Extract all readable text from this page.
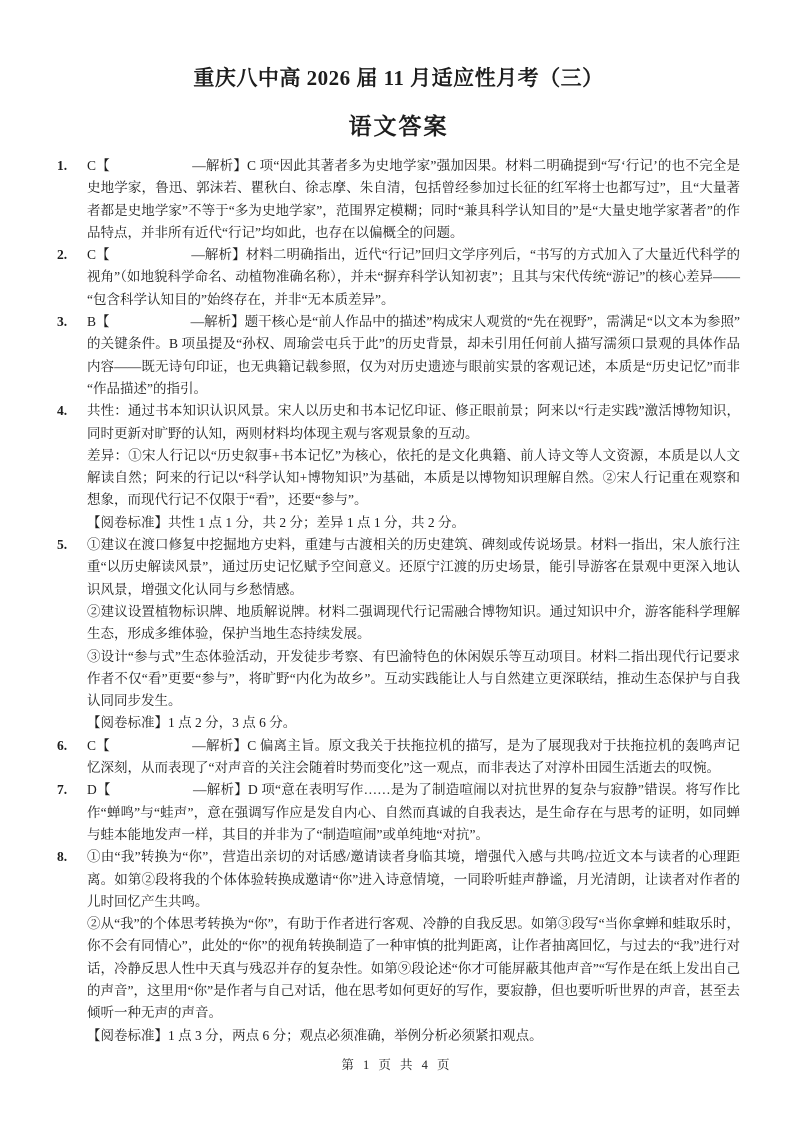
重庆八中高 2026 届 11 月适应性月考（三）
语文答案
1.	C【　　　　　　—解析】C 项“因此其著者多为史地学家”强加因果。材料二明确提到“写‘行记’的也不完全是史地学家，鲁迅、郭沫若、瞿秋白、徐志摩、朱自清，包括曾经参加过长征的红军将士也都写过”，且“大量著者都是史地学家”不等于“多为史地学家”，范围界定模糊；同时“兼具科学认知目的”是“大量史地学家著者”的作品特点，并非所有近代“行记”均如此，也存在以偏概全的问题。

2.	C【　　　　　　—解析】材料二明确指出，近代“行记”回归文学序列后，“书写的方式加入了大量近代科学的视角”（如地貌科学命名、动植物准确名称），并未“摒弃科学认知初衷”；且其与宋代传统“游记”的核心差异——“包含科学认知目的”始终存在，并非“无本质差异”。

3.	B【　　　　　　—解析】题干核心是“前人作品中的描述”构成宋人观赏的“先在视野”，需满足“以文本为参照”的关键条件。B 项虽提及“孙权、周瑜尝屯兵于此”的历史背景，却未引用任何前人描写濡须口景观的具体作品内容——既无诗句印证，也无典籍记载参照，仅为对历史遗迹与眼前实景的客观记述，本质是“历史记忆”而非“作品描述”的指引。

4.	共性：通过书本知识认识风景。宋人以历史和书本记忆印证、修正眼前景；阿来以“行走实践”激活博物知识，同时更新对旷野的认知，两则材料均体现主观与客观景象的互动。

差异：①宋人行记以“历史叙事+书本记忆”为核心，依托的是文化典籍、前人诗文等人文资源，本质是以人文解读自然；阿来的行记以“科学认知+博物知识”为基础，本质是以博物知识理解自然。②宋人行记重在观察和想象，而现代行记不仅限于“看”，还要“参与”。

【阅卷标准】共性 1 点 1 分，共 2 分；差异 1 点 1 分，共 2 分。

5.	①建议在渡口修复中挖掘地方史料，重建与古渡相关的历史建筑、碑刻或传说场景。材料一指出，宋人旅行注重“以历史解读风景”，通过历史记忆赋予空间意义。还原宁江渡的历史场景，能引导游客在景观中更深入地认识风景，增强文化认同与乡愁情感。

②建议设置植物标识牌、地质解说牌。材料二强调现代行记需融合博物知识。通过知识中介，游客能科学理解生态，形成多维体验，保护当地生态持续发展。

③设计“参与式”生态体验活动，开发徒步考察、有巴渝特色的休闲娱乐等互动项目。材料二指出现代行记要求作者不仅“看”更要“参与”，将旷野“内化为故乡”。互动实践能让人与自然建立更深联结，推动生态保护与自我认同同步发生。

【阅卷标准】1 点 2 分，3 点 6 分。

6.	C【　　　　　　—解析】C 偏离主旨。原文我关于扶拖拉机的描写，是为了展现我对于扶拖拉机的轰鸣声记忆深刻，从而表现了“对声音的关注会随着时势而变化”这一观点，而非表达了对淳朴田园生活逝去的叹惋。

7.	D【　　　　　　—解析】D 项“意在表明写作……是为了制造喧闹以对抗世界的复杂与寂静”错误。将写作比作“蝉鸣”与“蛙声”，意在强调写作应是发自内心、自然而真诚的自我表达，是生命存在与思考的证明，如同蝉与蛙本能地发声一样，其目的并非为了“制造喧闹”或单纯地“对抗”。

8.	①由“我”转换为“你”，营造出亲切的对话感/邀请读者身临其境，增强代入感与共鸣/拉近文本与读者的心理距离。如第②段将我的个体体验转换成邀请“你”进入诗意情境，一同聆听蛙声静谧，月光清朗，让读者对作者的儿时回忆产生共鸣。

②从“我”的个体思考转换为“你”，有助于作者进行客观、冷静的自我反思。如第③段写“当你拿蝉和蛙取乐时，你不会有同情心”，此处的“你”的视角转换制造了一种审慎的批判距离，让作者抽离回忆，与过去的“我”进行对话，冷静反思人性中天真与残忍并存的复杂性。如第⑨段论述“你才可能屏蔽其他声音”“写作是在纸上发出自己的声音”，这里用“你”是作者与自己对话，他在思考如何更好的写作，要寂静，但也要听听世界的声音，甚至去倾听一种无声的声音。

【阅卷标准】1 点 3 分，两点 6 分；观点必须准确，举例分析必须紧扣观点。

第 1 页 共 4 页
